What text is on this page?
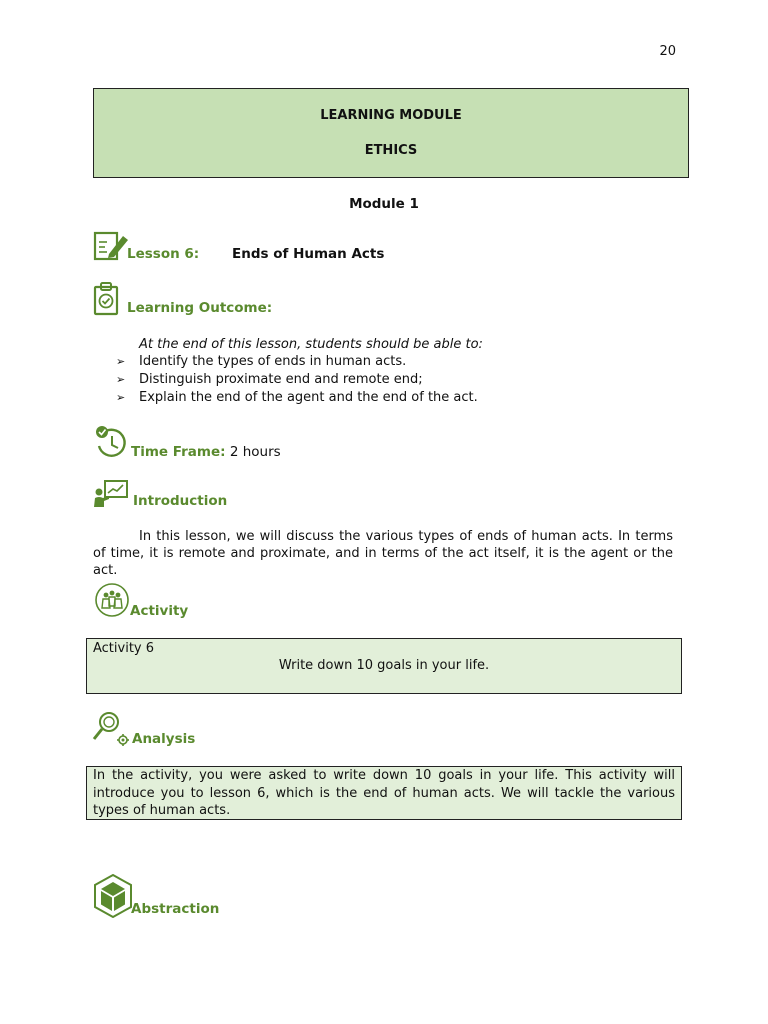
20
LEARNING MODULE
ETHICS
Module 1
Lesson 6: Ends of Human Acts
Learning Outcome:
At the end of this lesson, students should be able to:
➢	Identify the types of ends in human acts.
➢	Distinguish proximate end and remote end;
➢	Explain the end of the agent and the end of the act.
Time Frame: 2 hours
Introduction
In this lesson, we will discuss the various types of ends of human acts. In terms of time, it is remote and proximate, and in terms of the act itself, it is the agent or the act.
Activity
Activity 6
Write down 10 goals in your life.
Analysis
In the activity, you were asked to write down 10 goals in your life. This activity will introduce you to lesson 6, which is the end of human acts. We will tackle the various types of human acts.
Abstraction
